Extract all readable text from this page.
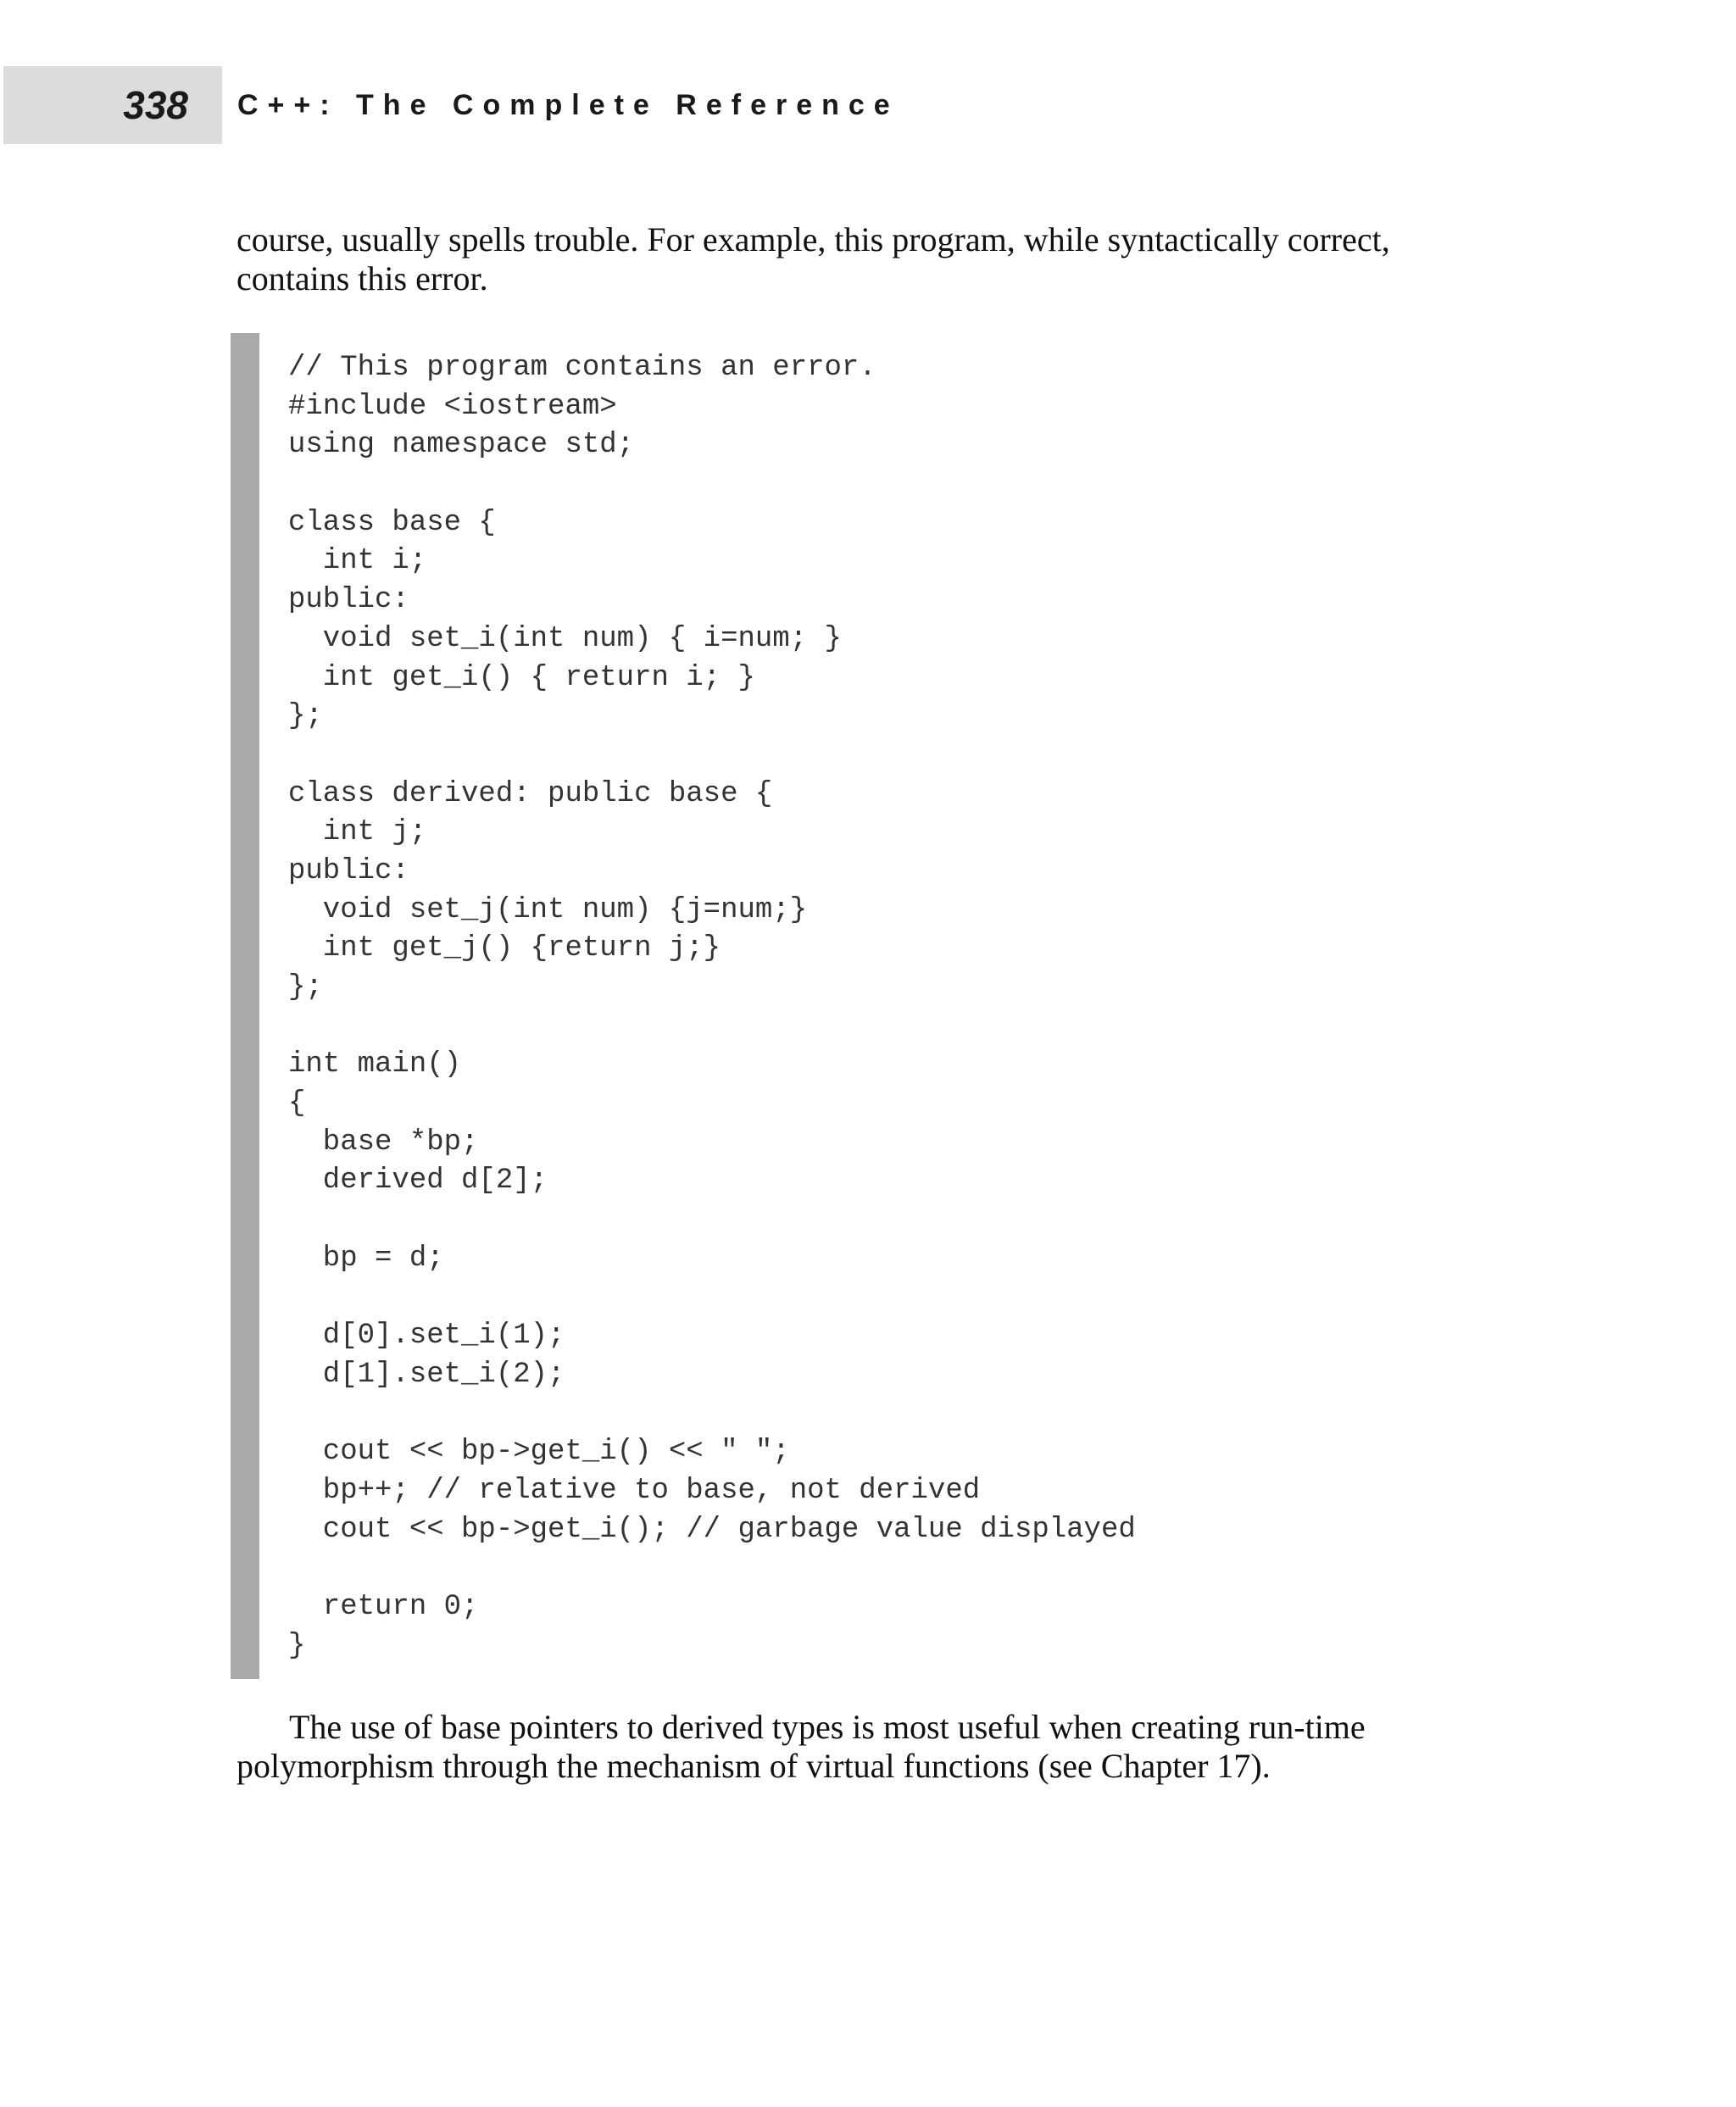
338 C++: The Complete Reference

course, usually spells trouble. For example, this program, while syntactically correct, contains this error.

// This program contains an error.
#include <iostream>
using namespace std;
class base {
int i;
public:
void set_i(int num) { i=num; }
int get_i() { return i; }
};
class derived: public base {
int j;
public:
void set_j(int num) {j=num;}
int get_j() {return j;}
};
int main()
{
base *bp;
derived d[2];
bp = d;
d[0].set_i(1);
d[1].set_i(2);
cout << bp->get_i() << " ";
bp++; // relative to base, not derived
cout << bp->get_i(); // garbage value displayed
return 0;
}

The use of base pointers to derived types is most useful when creating run-time polymorphism through the mechanism of virtual functions (see Chapter 17).
